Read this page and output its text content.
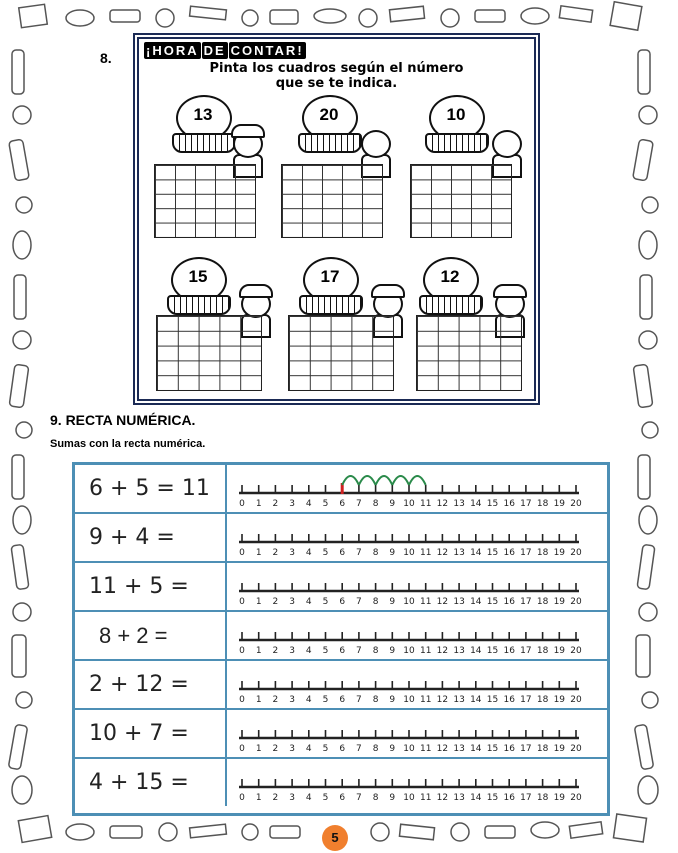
8.	¡HORA DE CONTAR!
Pinta los cuadros según el número
que se te indica.
13	20	10
15	17	12
9. RECTA NUMÉRICA.
Sumas con la recta numérica.
6 + 5 = 11
0 1 2 3 4 5 6 7 8 9 10 11 12 13 14 15 16 17 18 19 20
9 + 4 =
0 1 2 3 4 5 6 7 8 9 10 11 12 13 14 15 16 17 18 19 20
11 + 5 =
0 1 2 3 4 5 6 7 8 9 10 11 12 13 14 15 16 17 18 19 20
8 + 2 =
0 1 2 3 4 5 6 7 8 9 10 11 12 13 14 15 16 17 18 19 20
2 + 12 =
0 1 2 3 4 5 6 7 8 9 10 11 12 13 14 15 16 17 18 19 20
10 + 7 =
0 1 2 3 4 5 6 7 8 9 10 11 12 13 14 15 16 17 18 19 20
4 + 15 =
0 1 2 3 4 5 6 7 8 9 10 11 12 13 14 15 16 17 18 19 20
5
